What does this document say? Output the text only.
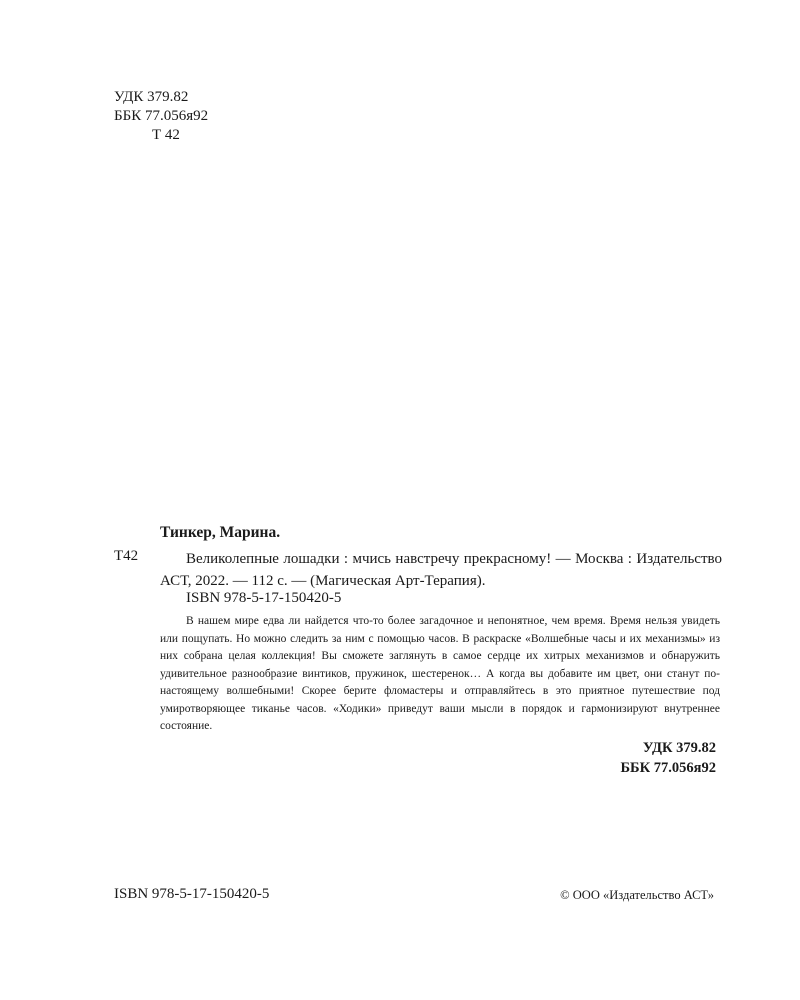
УДК 379.82
ББК 77.056я92
Т 42
Тинкер, Марина.
Т42	Великолепные лошадки : мчись навстречу прекрасному! — Москва : Издательство АСТ, 2022. — 112 с. — (Магическая Арт-Терапия).
ISBN 978-5-17-150420-5
В нашем мире едва ли найдется что-то более загадочное и непонятное, чем время. Время нельзя увидеть или пощупать. Но можно следить за ним с помощью часов. В раскраске «Волшебные часы и их механизмы» из них собрана целая коллекция! Вы сможете заглянуть в самое сердце их хитрых механизмов и обнаружить удивительное разнообразие винтиков, пружинок, шестеренок… А когда вы добавите им цвет, они станут по-настоящему волшебными! Скорее берите фломастеры и отправляйтесь в это приятное путешествие под умиротворяющее тиканье часов. «Ходики» приведут ваши мысли в порядок и гармонизируют внутреннее состояние.
УДК 379.82
ББК 77.056я92
ISBN 978-5-17-150420-5	© ООО «Издательство АСТ»
